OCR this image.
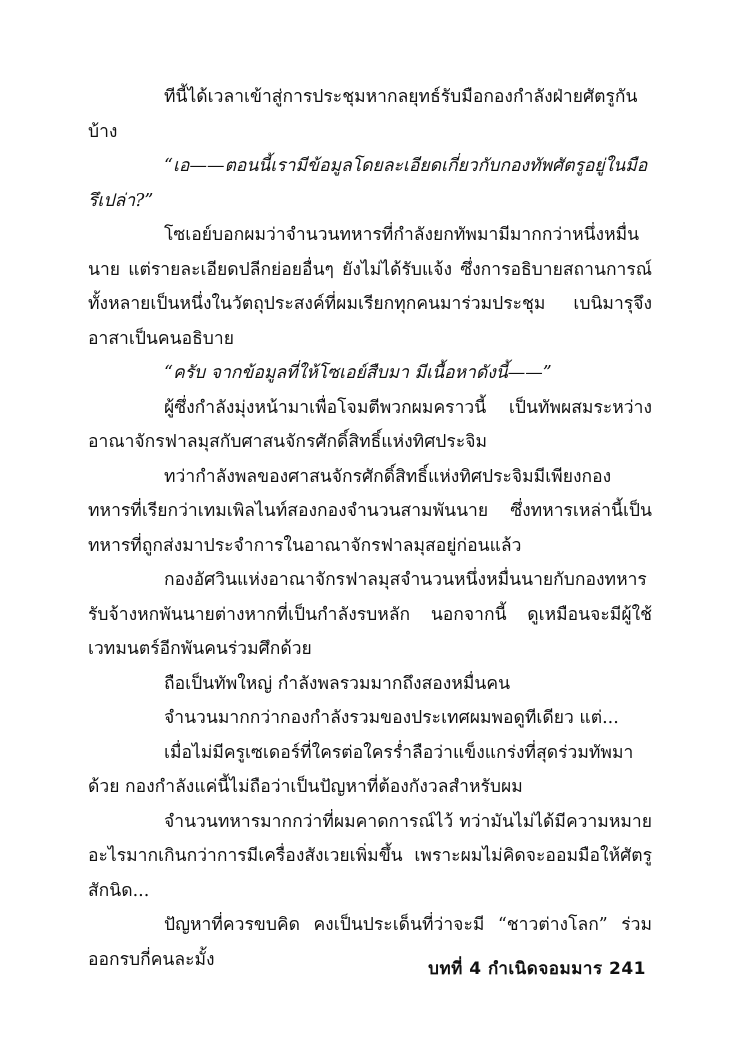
ทีนี้ได้เวลาเข้าสู่การประชุมหากลยุทธ์รับมือกองกำลังฝ่ายศัตรูกันบ้าง

“เอ——ตอนนี้เรามีข้อมูลโดยละเอียดเกี่ยวกับกองทัพศัตรูอยู่ในมือรึเปล่า?”

โซเอย์บอกผมว่าจำนวนทหารที่กำลังยกทัพมามีมากกว่าหนึ่งหมื่นนาย แต่รายละเอียดปลีกย่อยอื่นๆ ยังไม่ได้รับแจ้ง ซึ่งการอธิบายสถานการณ์ทั้งหลายเป็นหนึ่งในวัตถุประสงค์ที่ผมเรียกทุกคนมาร่วมประชุม เบนิมารุจึงอาสาเป็นคนอธิบาย

“ครับ จากข้อมูลที่ให้โซเอย์สืบมา มีเนื้อหาดังนี้——”

ผู้ซึ่งกำลังมุ่งหน้ามาเพื่อโจมตีพวกผมคราวนี้ เป็นทัพผสมระหว่างอาณาจักรฟาลมุสกับศาสนจักรศักดิ์สิทธิ์แห่งทิศประจิม

ทว่ากำลังพลของศาสนจักรศักดิ์สิทธิ์แห่งทิศประจิมมีเพียงกองทหารที่เรียกว่าเทมเพิลไนท์สองกองจำนวนสามพันนาย ซึ่งทหารเหล่านี้เป็นทหารที่ถูกส่งมาประจำการในอาณาจักรฟาลมุสอยู่ก่อนแล้ว

กองอัศวินแห่งอาณาจักรฟาลมุสจำนวนหนึ่งหมื่นนายกับกองทหารรับจ้างหกพันนายต่างหากที่เป็นกำลังรบหลัก นอกจากนี้ ดูเหมือนจะมีผู้ใช้เวทมนตร์อีกพันคนร่วมศึกด้วย

ถือเป็นทัพใหญ่ กำลังพลรวมมากถึงสองหมื่นคน

จำนวนมากกว่ากองกำลังรวมของประเทศผมพอดูทีเดียว แต่...

เมื่อไม่มีครูเซเดอร์ที่ใครต่อใครร่ำลือว่าแข็งแกร่งที่สุดร่วมทัพมาด้วย กองกำลังแค่นี้ไม่ถือว่าเป็นปัญหาที่ต้องกังวลสำหรับผม

จำนวนทหารมากกว่าที่ผมคาดการณ์ไว้ ทว่ามันไม่ได้มีความหมายอะไรมากเกินกว่าการมีเครื่องสังเวยเพิ่มขึ้น เพราะผมไม่คิดจะออมมือให้ศัตรูสักนิด...

ปัญหาที่ควรขบคิด คงเป็นประเด็นที่ว่าจะมี “ชาวต่างโลก” ร่วมออกรบกี่คนละมั้ง	บทที่ 4 กำเนิดจอมมาร 241
